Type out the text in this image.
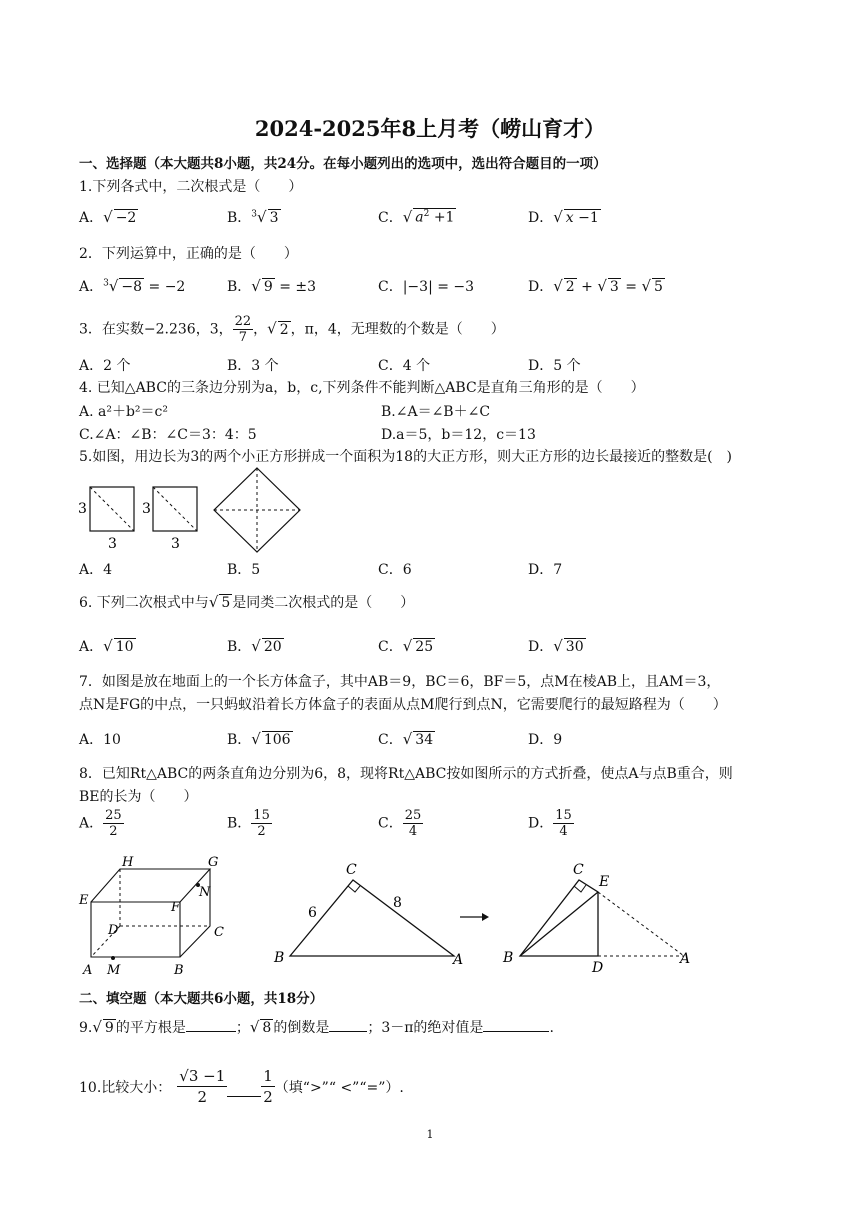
2024-2025年8上月考（崂山育才）
一、选择题（本大题共8小题，共24分。在每小题列出的选项中，选出符合题目的一项）
1.下列各式中，二次根式是（　　）
A．√ −2	B．$^3$√ 3	C．√ $a^2 +1$	D．√ x −1
2．下列运算中，正确的是（　　）
A．$^3$√ −8 = −2	B．√ 9 = ±3	C．|−3| = −3	D．√ 2 + √ 3 = √ 5
3．在实数−2.236，3， $\frac{22}{7}$ ，√ 2 ，π，4，无理数的个数是（　　）
A．2 个	B．3 个	C．4 个	D．5 个
4. 已知△ABC的三条边分别为a，b，c,下列条件不能判断△ABC是直角三角形的是（　　）
A. a²＋b²＝c²	B.∠A＝∠B＋∠C
C.∠A：∠B：∠C＝3：4：5	D.a＝5，b＝12，c＝13
5.如图，用边长为3的两个小正方形拼成一个面积为18的大正方形，则大正方形的边长最接近的整数是(　)
3
3
3
3
A．4	B．5	C．6	D．7
6. 下列二次根式中与√ 5 是同类二次根式的是（　　）
A．√ 10	B．√ 20	C．√ 25	D．√ 30
7．如图是放在地面上的一个长方体盒子，其中AB＝9，BC＝6，BF＝5，点M在棱AB上，且AM＝3，
点N是FG的中点，一只蚂蚁沿着长方体盒子的表面从点M爬行到点N，它需要爬行的最短路程为（　　）
A．10	B．√ 106	C．√ 34	D．9
8．已知Rt△ABC的两条直角边分别为6，8，现将Rt△ABC按如图所示的方式折叠，使点A与点B重合，则
BE的长为（　　）
A． $\frac{25}{2}$	B． $\frac{15}{2}$	C． $\frac{25}{4}$	D． $\frac{15}{4}$
H	G
E	F
N
D	C
A M	B
C
6
8
B	A
C
E
B
D
A
二、填空题（本大题共6小题，共18分）
9.√ 9 的平方根是	；√ 8 的倒数是	；3－π的绝对值是	.
10.比较大小： $\frac{√3 -1}{2} \frac{1}{2}$ （填“>”“ <”“=”）.
1
